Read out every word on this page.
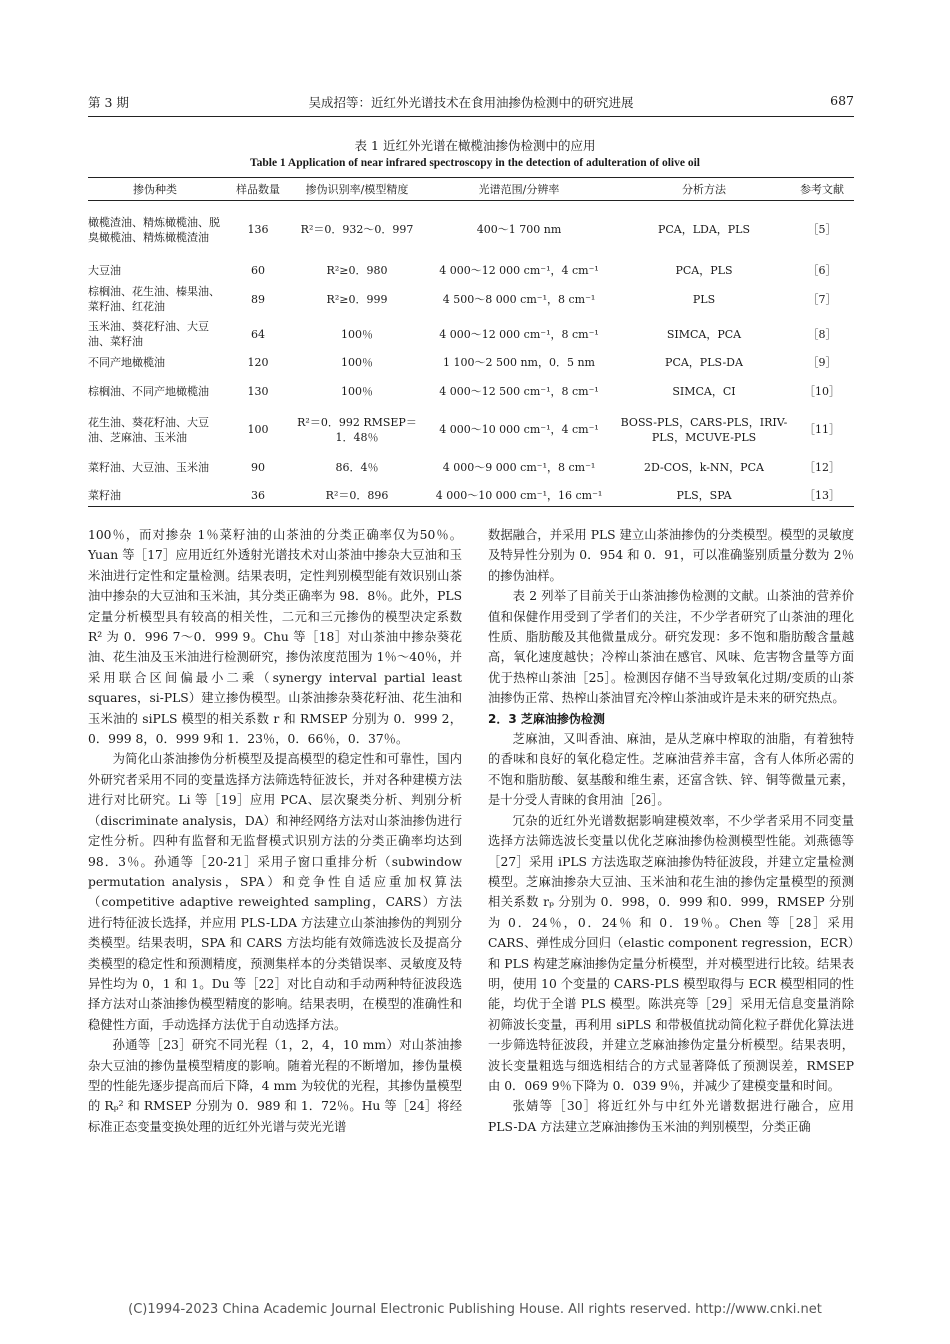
第 3 期	吴成招等：近红外光谱技术在食用油掺伪检测中的研究进展	687
表 1 近红外光谱在橄榄油掺伪检测中的应用
Table 1 Application of near infrared spectroscopy in the detection of adulteration of olive oil
掺伪种类	样品数量	掺伪识别率/模型精度	光谱范围/分辨率	分析方法	参考文献
橄榄渣油、精炼橄榄油、脱臭橄榄油、精炼橄榄渣油	136	R²＝0．932～0．997	400～1 700 nm	PCA，LDA，PLS	［5］
大豆油	60	R²≥0．980	4 000～12 000 cm⁻¹，4 cm⁻¹	PCA，PLS	［6］
棕榈油、花生油、榛果油、菜籽油、红花油	89	R²≥0．999	4 500～8 000 cm⁻¹，8 cm⁻¹	PLS	［7］
玉米油、葵花籽油、大豆油、菜籽油	64	100％	4 000～12 000 cm⁻¹，8 cm⁻¹	SIMCA，PCA	［8］
不同产地橄榄油	120	100％	1 100～2 500 nm，0．5 nm	PCA，PLS-DA	［9］
棕榈油、不同产地橄榄油	130	100％	4 000～12 500 cm⁻¹，8 cm⁻¹	SIMCA，CI	［10］
花生油、葵花籽油、大豆油、芝麻油、玉米油	100	R²＝0．992 RMSEP＝1．48％	4 000～10 000 cm⁻¹，4 cm⁻¹	BOSS-PLS，CARS-PLS，IRIV-PLS，MCUVE-PLS	［11］
菜籽油、大豆油、玉米油	90	86．4％	4 000～9 000 cm⁻¹，8 cm⁻¹	2D-COS，k-NN，PCA	［12］
菜籽油	36	R²＝0．896	4 000～10 000 cm⁻¹，16 cm⁻¹	PLS，SPA	［13］

100％，而对掺杂 1％菜籽油的山茶油的分类正确率仅为50％。Yuan 等［17］应用近红外透射光谱技术对山茶油中掺杂大豆油和玉米油进行定性和定量检测。结果表明，定性判别模型能有效识别山茶油中掺杂的大豆油和玉米油，其分类正确率为 98．8％。此外，PLS 定量分析模型具有较高的相关性，二元和三元掺伪的模型决定系数 R² 为 0．996 7～0．999 9。Chu 等［18］对山茶油中掺杂葵花油、花生油及玉米油进行检测研究，掺伪浓度范围为 1％～40％，并采用联合区间偏最小二乘（synergy interval partial least squares，si-PLS）建立掺伪模型。山茶油掺杂葵花籽油、花生油和玉米油的 siPLS 模型的相关系数 r 和 RMSEP 分别为 0．999 2，0．999 8，0．999 9和 1．23％，0．66％，0．37％。

为简化山茶油掺伪分析模型及提高模型的稳定性和可靠性，国内外研究者采用不同的变量选择方法筛选特征波长，并对各种建模方法进行对比研究。Li 等［19］应用 PCA、层次聚类分析、判别分析（discriminate analysis，DA）和神经网络方法对山茶油掺伪进行定性分析。四种有监督和无监督模式识别方法的分类正确率均达到 98．3％。孙通等［20-21］采用子窗口重排分析（subwindow permutation analysis，SPA）和竞争性自适应重加权算法（competitive adaptive reweighted sampling，CARS）方法进行特征波长选择，并应用 PLS-LDA 方法建立山茶油掺伪的判别分类模型。结果表明，SPA 和 CARS 方法均能有效筛选波长及提高分类模型的稳定性和预测精度，预测集样本的分类错误率、灵敏度及特异性均为 0，1 和 1。Du 等［22］对比自动和手动两种特征波段选择方法对山茶油掺伪模型精度的影响。结果表明，在模型的准确性和稳健性方面，手动选择方法优于自动选择方法。

孙通等［23］研究不同光程（1，2，4，10 mm）对山茶油掺杂大豆油的掺伪量模型精度的影响。随着光程的不断增加，掺伪量模型的性能先逐步提高而后下降，4 mm 为较优的光程，其掺伪量模型的 Rₚ² 和 RMSEP 分别为 0．989 和 1．72％。Hu 等［24］将经标准正态变量变换处理的近红外光谱与荧光光谱

数据融合，并采用 PLS 建立山茶油掺伪的分类模型。模型的灵敏度及特异性分别为 0．954 和 0．91，可以准确鉴别质量分数为 2％的掺伪油样。

表 2 列举了目前关于山茶油掺伪检测的文献。山茶油的营养价值和保健作用受到了学者们的关注，不少学者研究了山茶油的理化性质、脂肪酸及其他微量成分。研究发现：多不饱和脂肪酸含量越高，氧化速度越快；冷榨山茶油在感官、风味、危害物含量等方面优于热榨山茶油［25］。检测因存储不当导致氧化过期/变质的山茶油掺伪正常、热榨山茶油冒充冷榨山茶油或许是未来的研究热点。

2．3 芝麻油掺伪检测

芝麻油，又叫香油、麻油，是从芝麻中榨取的油脂，有着独特的香味和良好的氧化稳定性。芝麻油营养丰富，含有人体所必需的不饱和脂肪酸、氨基酸和维生素，还富含铁、锌、铜等微量元素，是十分受人青睐的食用油［26］。

冗杂的近红外光谱数据影响建模效率，不少学者采用不同变量选择方法筛选波长变量以优化芝麻油掺伪检测模型性能。刘燕德等［27］采用 iPLS 方法选取芝麻油掺伪特征波段，并建立定量检测模型。芝麻油掺杂大豆油、玉米油和花生油的掺伪定量模型的预测相关系数 rₚ 分别为 0．998，0．999 和0．999，RMSEP 分别为 0．24％，0．24％ 和 0．19％。Chen 等［28］采用 CARS、弹性成分回归（elastic component regression，ECR）和 PLS 构建芝麻油掺伪定量分析模型，并对模型进行比较。结果表明，使用 10 个变量的 CARS-PLS 模型取得与 ECR 模型相同的性能，均优于全谱 PLS 模型。陈洪亮等［29］采用无信息变量消除初筛波长变量，再利用 siPLS 和带极值扰动简化粒子群优化算法进一步筛选特征波段，并建立芝麻油掺伪定量分析模型。结果表明，波长变量粗选与细选相结合的方式显著降低了预测误差，RMSEP 由 0．069 9％下降为 0．039 9％，并减少了建模变量和时间。

张婧等［30］将近红外与中红外光谱数据进行融合，应用 PLS-DA 方法建立芝麻油掺伪玉米油的判别模型，分类正确

(C)1994-2023 China Academic Journal Electronic Publishing House. All rights reserved. http://www.cnki.net
